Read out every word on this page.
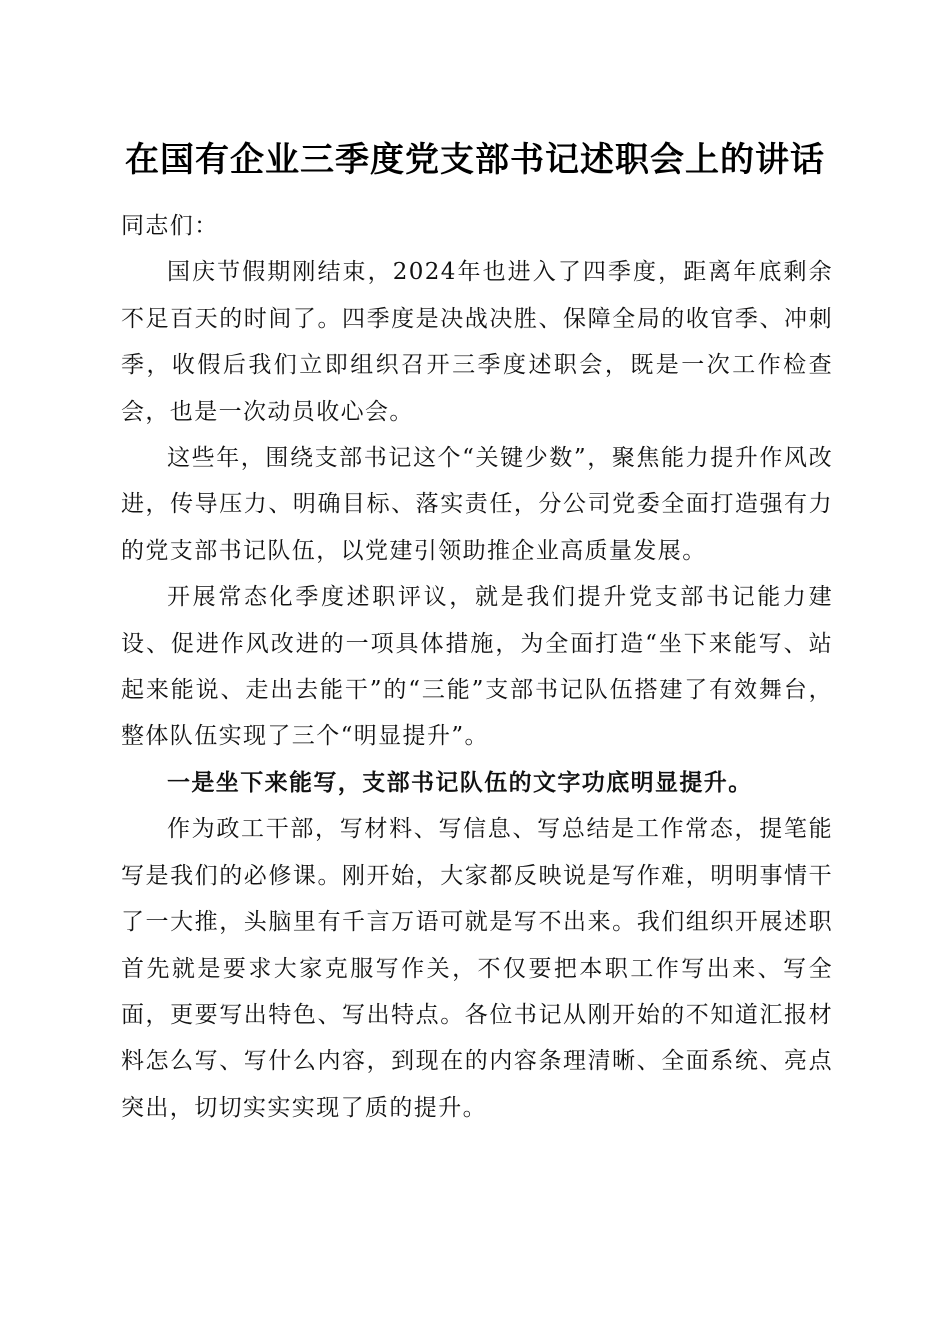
在国有企业三季度党支部书记述职会上的讲话

同志们：

国庆节假期刚结束，2024年也进入了四季度，距离年底剩余不足百天的时间了。四季度是决战决胜、保障全局的收官季、冲刺季，收假后我们立即组织召开三季度述职会，既是一次工作检查会，也是一次动员收心会。

这些年，围绕支部书记这个“关键少数”，聚焦能力提升作风改进，传导压力、明确目标、落实责任，分公司党委全面打造强有力的党支部书记队伍，以党建引领助推企业高质量发展。

开展常态化季度述职评议，就是我们提升党支部书记能力建设、促进作风改进的一项具体措施，为全面打造“坐下来能写、站起来能说、走出去能干”的“三能”支部书记队伍搭建了有效舞台，整体队伍实现了三个“明显提升”。

一是坐下来能写，支部书记队伍的文字功底明显提升。

作为政工干部，写材料、写信息、写总结是工作常态，提笔能写是我们的必修课。刚开始，大家都反映说是写作难，明明事情干了一大推，头脑里有千言万语可就是写不出来。我们组织开展述职首先就是要求大家克服写作关，不仅要把本职工作写出来、写全面，更要写出特色、写出特点。各位书记从刚开始的不知道汇报材料怎么写、写什么内容，到现在的内容条理清晰、全面系统、亮点突出，切切实实实现了质的提升。
